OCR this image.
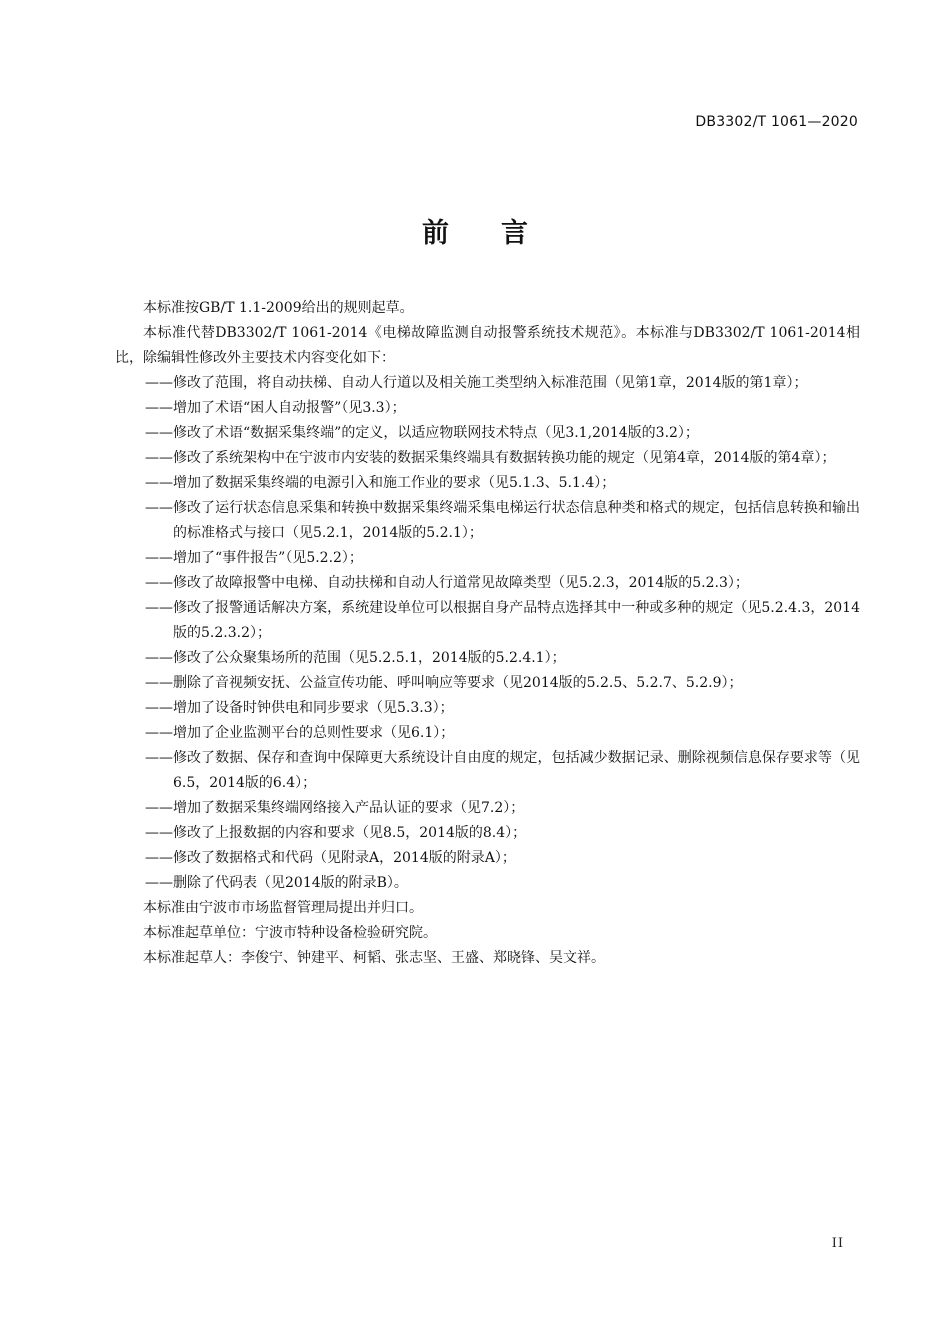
DB3302/T 1061—2020
前言

本标准按GB/T 1.1-2009给出的规则起草。

本标准代替DB3302/T 1061-2014《电梯故障监测自动报警系统技术规范》。本标准与DB3302/T 1061-2014相比，除编辑性修改外主要技术内容变化如下：

——修改了范围，将自动扶梯、自动人行道以及相关施工类型纳入标准范围（见第1章，2014版的第1章）；

——增加了术语“困人自动报警”（见3.3）；

——修改了术语“数据采集终端”的定义，以适应物联网技术特点（见3.1,2014版的3.2）；

——修改了系统架构中在宁波市内安装的数据采集终端具有数据转换功能的规定（见第4章，2014版的第4章）；

——增加了数据采集终端的电源引入和施工作业的要求（见5.1.3、5.1.4）；

——修改了运行状态信息采集和转换中数据采集终端采集电梯运行状态信息种类和格式的规定，包括信息转换和输出的标准格式与接口（见5.2.1，2014版的5.2.1）；

——增加了“事件报告”（见5.2.2）；

——修改了故障报警中电梯、自动扶梯和自动人行道常见故障类型（见5.2.3，2014版的5.2.3）；

——修改了报警通话解决方案，系统建设单位可以根据自身产品特点选择其中一种或多种的规定（见5.2.4.3，2014版的5.2.3.2）；

——修改了公众聚集场所的范围（见5.2.5.1，2014版的5.2.4.1）；

——删除了音视频安抚、公益宣传功能、呼叫响应等要求（见2014版的5.2.5、5.2.7、5.2.9）；

——增加了设备时钟供电和同步要求（见5.3.3）；

——增加了企业监测平台的总则性要求（见6.1）；

——修改了数据、保存和查询中保障更大系统设计自由度的规定，包括减少数据记录、删除视频信息保存要求等（见6.5，2014版的6.4）；

——增加了数据采集终端网络接入产品认证的要求（见7.2）；

——修改了上报数据的内容和要求（见8.5，2014版的8.4）；

——修改了数据格式和代码（见附录A，2014版的附录A）；

——删除了代码表（见2014版的附录B）。

本标准由宁波市市场监督管理局提出并归口。

本标准起草单位：宁波市特种设备检验研究院。

本标准起草人：李俊宁、钟建平、柯韬、张志坚、王盛、郑晓锋、吴文祥。

II
